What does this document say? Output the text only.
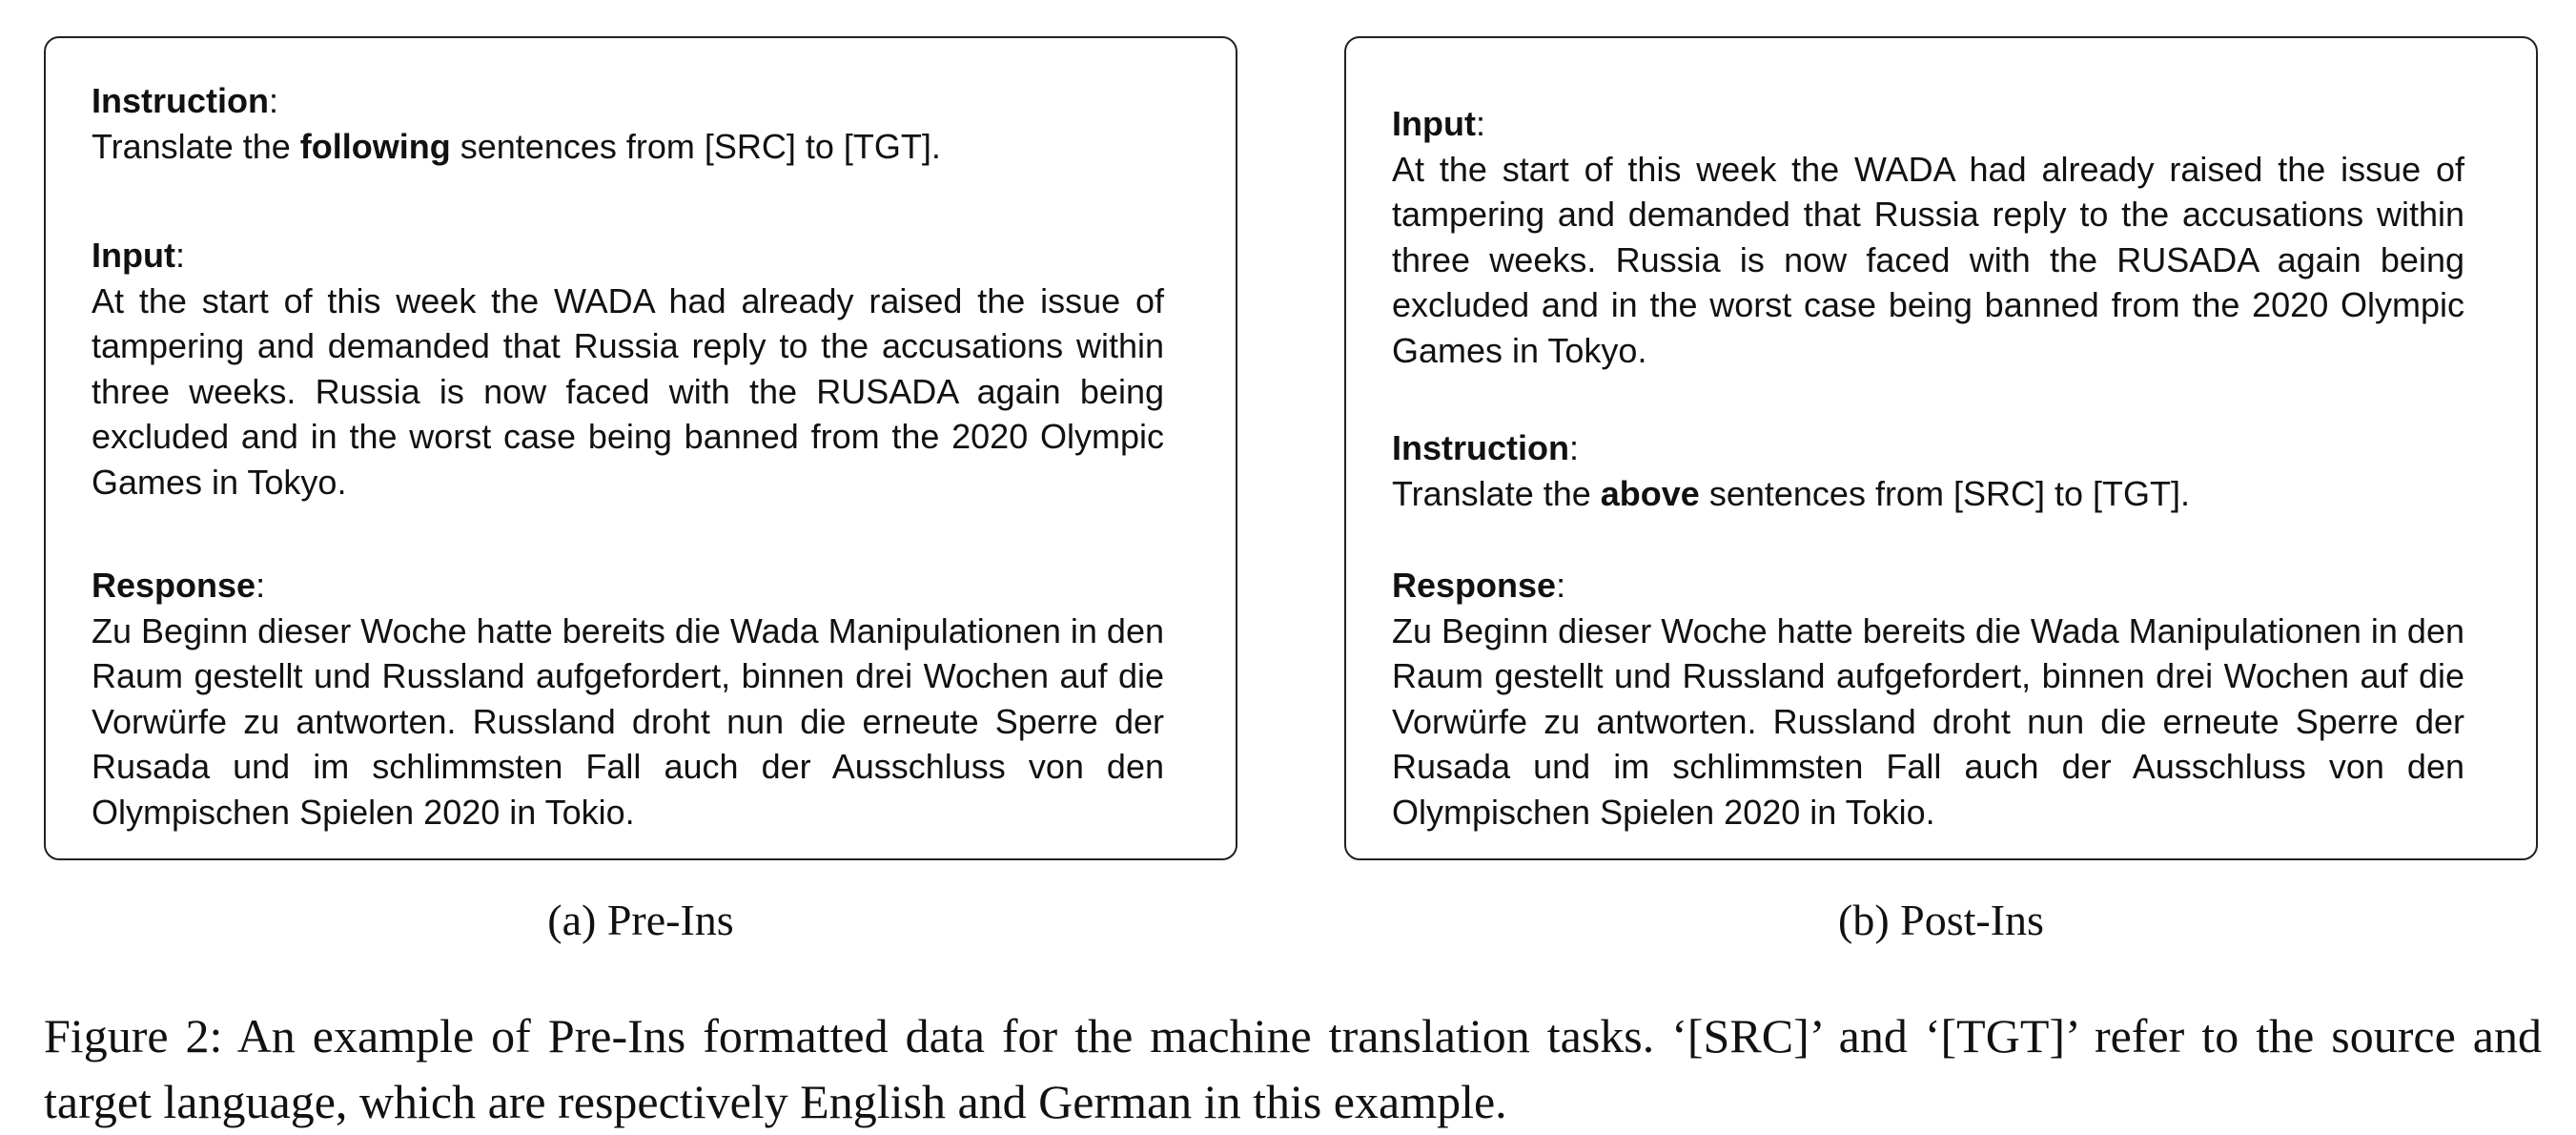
Instruction:
Translate the following sentences from [SRC] to [TGT].
Input:
At the start of this week the WADA had already raised the issue of tampering and demanded that Russia reply to the accusations within three weeks. Russia is now faced with the RUSADA again being excluded and in the worst case being banned from the 2020 Olympic Games in Tokyo.
Response:
Zu Beginn dieser Woche hatte bereits die Wada Manipulationen in den Raum gestellt und Russland aufgefordert, binnen drei Wochen auf die Vorwürfe zu antworten. Russland droht nun die erneute Sperre der Rusada und im schlimmsten Fall auch der Ausschluss von den Olympischen Spielen 2020 in Tokio.
Input:
At the start of this week the WADA had already raised the issue of tampering and demanded that Russia reply to the accusations within three weeks. Russia is now faced with the RUSADA again being excluded and in the worst case being banned from the 2020 Olympic Games in Tokyo.
Instruction:
Translate the above sentences from [SRC] to [TGT].
Response:
Zu Beginn dieser Woche hatte bereits die Wada Manipulationen in den Raum gestellt und Russland aufgefordert, binnen drei Wochen auf die Vorwürfe zu antworten. Russland droht nun die erneute Sperre der Rusada und im schlimmsten Fall auch der Ausschluss von den Olympischen Spielen 2020 in Tokio.
(a) Pre-Ins	(b) Post-Ins
Figure 2: An example of Pre-Ins formatted data for the machine translation tasks. ‘[SRC]’ and ‘[TGT]’ refer to the source and target language, which are respectively English and German in this example.
